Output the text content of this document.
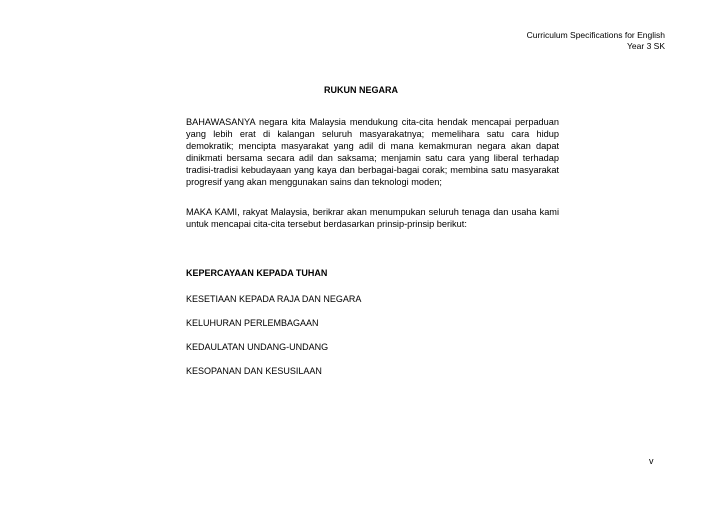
Curriculum Specifications for English
Year 3 SK
RUKUN NEGARA
BAHAWASANYA negara kita Malaysia mendukung cita-cita hendak mencapai perpaduan yang lebih erat di kalangan seluruh masyarakatnya; memelihara satu cara hidup demokratik; mencipta masyarakat yang adil di mana kemakmuran negara akan dapat dinikmati bersama secara adil dan saksama; menjamin satu cara yang liberal terhadap tradisi-tradisi kebudayaan yang kaya dan berbagai-bagai corak; membina satu masyarakat progresif yang akan menggunakan sains dan teknologi moden;
MAKA KAMI, rakyat Malaysia, berikrar akan menumpukan seluruh tenaga dan usaha kami untuk mencapai cita-cita tersebut berdasarkan prinsip-prinsip berikut:
KEPERCAYAAN KEPADA TUHAN
KESETIAAN KEPADA RAJA DAN NEGARA
KELUHURAN PERLEMBAGAAN
KEDAULATAN UNDANG-UNDANG
KESOPANAN DAN KESUSILAAN
v
